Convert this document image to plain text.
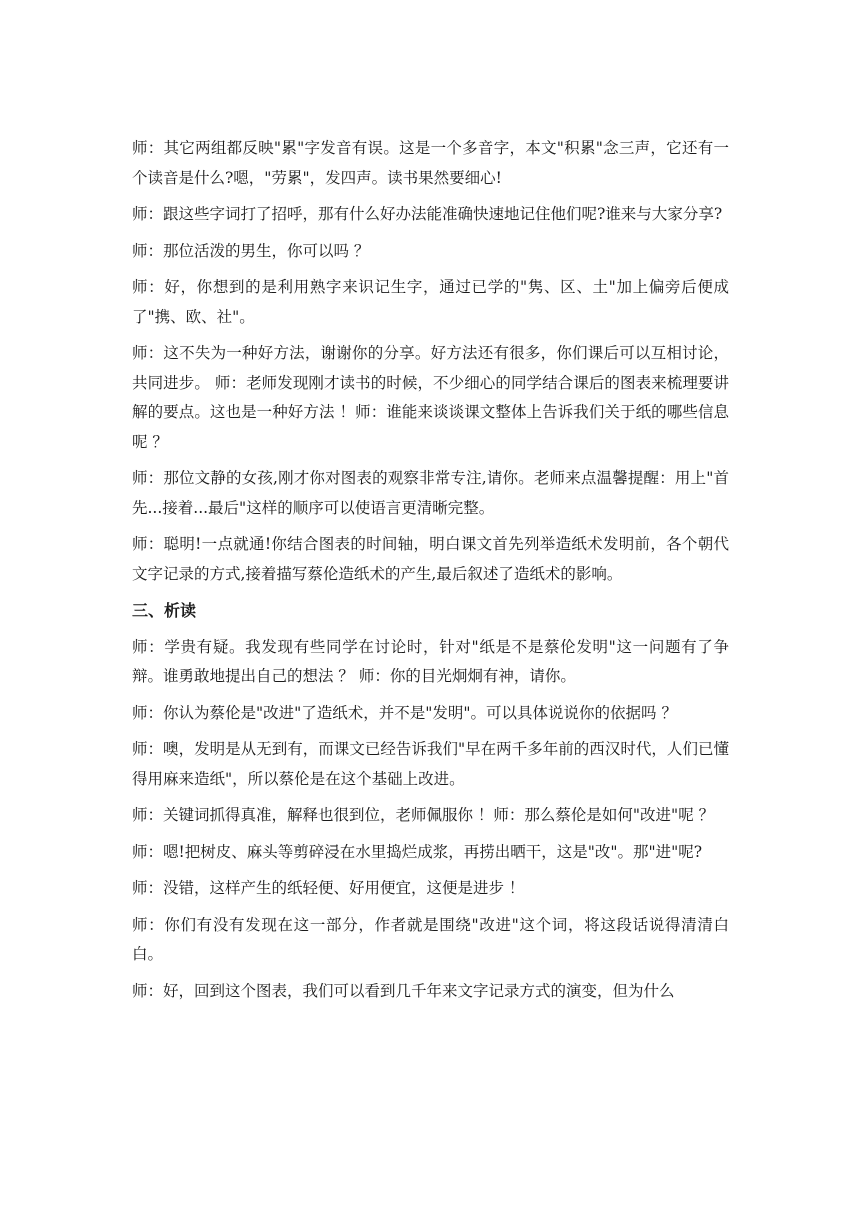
师：其它两组都反映"累"字发音有误。这是一个多音字，本文"积累"念三声，它还有一个读音是什么?嗯，"劳累"，发四声。读书果然要细心!

师：跟这些字词打了招呼，那有什么好办法能准确快速地记住他们呢?谁来与大家分享?

师：那位活泼的男生，你可以吗 ？

师：好，你想到的是利用熟字来识记生字，通过已学的"隽、区、土"加上偏旁后便成了"携、欧、社"。

师：这不失为一种好方法，谢谢你的分享。好方法还有很多，你们课后可以互相讨论，共同进步。 师：老师发现刚才读书的时候，不少细心的同学结合课后的图表来梳理要讲解的要点。这也是一种好方法 ！师：谁能来谈谈课文整体上告诉我们关于纸的哪些信息呢 ？

师：那位文静的女孩,刚才你对图表的观察非常专注,请你。老师来点温馨提醒：用上"首先...接着...最后"这样的顺序可以使语言更清晰完整。

师：聪明!一点就通!你结合图表的时间轴，明白课文首先列举造纸术发明前，各个朝代文字记录的方式,接着描写蔡伦造纸术的产生,最后叙述了造纸术的影响。

三、析读

师：学贵有疑。我发现有些同学在讨论时，针对"纸是不是蔡伦发明"这一问题有了争辩。谁勇敢地提出自己的想法 ？ 师：你的目光炯炯有神，请你。

师：你认为蔡伦是"改进"了造纸术，并不是"发明"。可以具体说说你的依据吗 ？

师：噢，发明是从无到有，而课文已经告诉我们"早在两千多年前的西汉时代，人们已懂得用麻来造纸"，所以蔡伦是在这个基础上改进。

师：关键词抓得真准，解释也很到位，老师佩服你 ！师：那么蔡伦是如何"改进"呢 ？

师：嗯!把树皮、麻头等剪碎浸在水里捣烂成浆，再捞出晒干，这是"改"。那"进"呢?

师：没错，这样产生的纸轻便、好用便宜，这便是进步 ！

师：你们有没有发现在这一部分，作者就是围绕"改进"这个词，将这段话说得清清白白。

师：好，回到这个图表，我们可以看到几千年来文字记录方式的演变，但为什么
